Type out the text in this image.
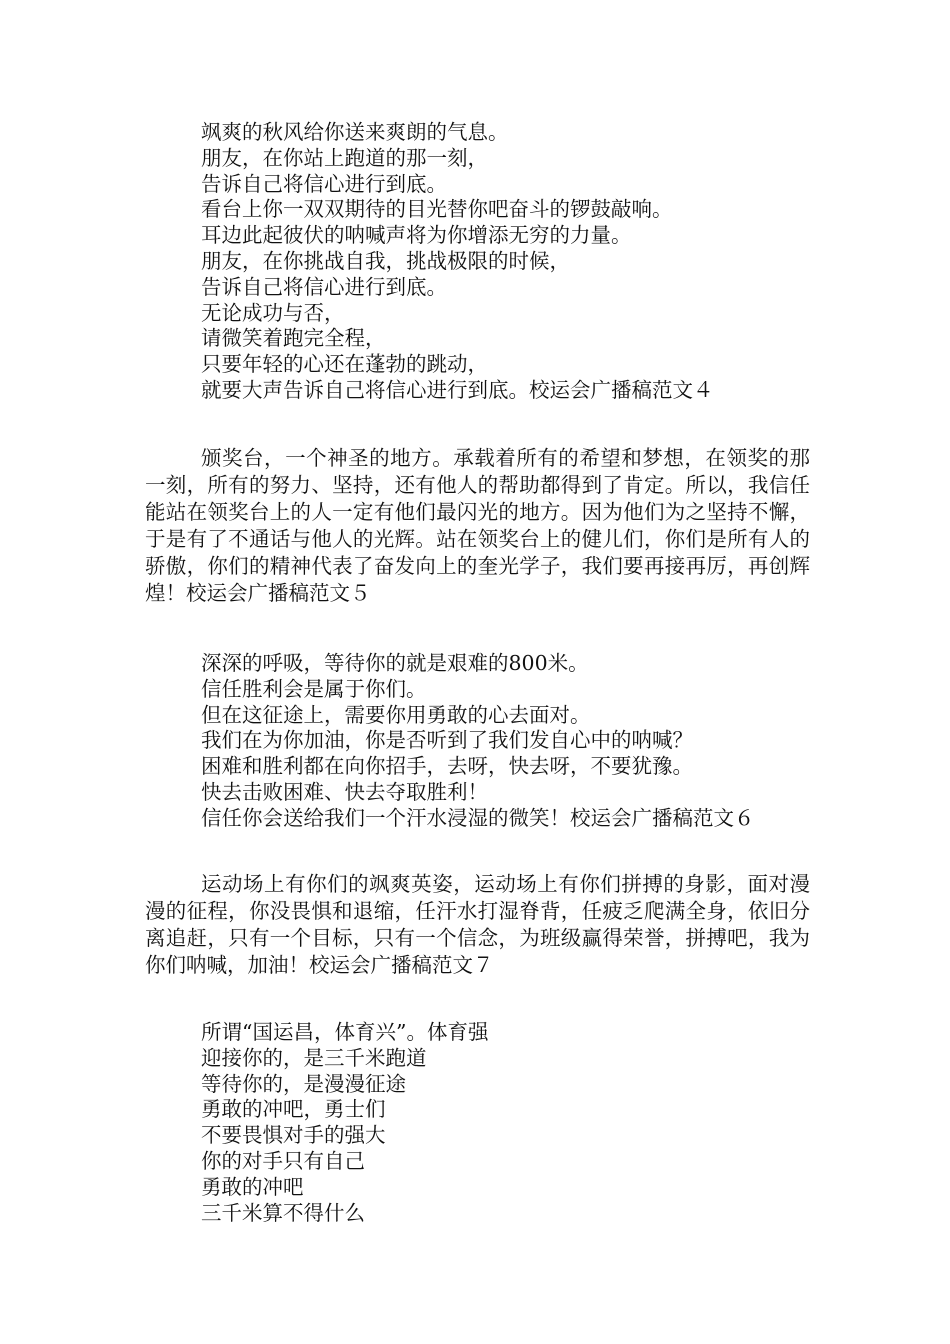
飒爽的秋风给你送来爽朗的气息。
朋友，在你站上跑道的那一刻，
告诉自己将信心进行到底。
看台上你一双双期待的目光替你吧奋斗的锣鼓敲响。
耳边此起彼伏的呐喊声将为你增添无穷的力量。
朋友，在你挑战自我，挑战极限的时候，
告诉自己将信心进行到底。
无论成功与否，
请微笑着跑完全程，
只要年轻的心还在蓬勃的跳动，
就要大声告诉自己将信心进行到底。校运会广播稿范文４

颁奖台，一个神圣的地方。承载着所有的希望和梦想，在领奖的那一刻，所有的努力、坚持，还有他人的帮助都得到了肯定。所以，我信任能站在领奖台上的人一定有他们最闪光的地方。因为他们为之坚持不懈，于是有了不通话与他人的光辉。站在领奖台上的健儿们，你们是所有人的骄傲，你们的精神代表了奋发向上的奎光学子，我们要再接再厉，再创辉煌！校运会广播稿范文５

深深的呼吸，等待你的就是艰难的800米。
信任胜利会是属于你们。
但在这征途上，需要你用勇敢的心去面对。
我们在为你加油，你是否听到了我们发自心中的呐喊？
困难和胜利都在向你招手，去呀，快去呀，不要犹豫。
快去击败困难、快去夺取胜利！
信任你会送给我们一个汗水浸湿的微笑！校运会广播稿范文６

运动场上有你们的飒爽英姿，运动场上有你们拼搏的身影，面对漫漫的征程，你没畏惧和退缩，任汗水打湿脊背，任疲乏爬满全身，依旧分离追赶，只有一个目标，只有一个信念，为班级赢得荣誉，拼搏吧，我为你们呐喊，加油！校运会广播稿范文７

所谓“国运昌，体育兴”。体育强
迎接你的，是三千米跑道
等待你的，是漫漫征途
勇敢的冲吧，勇士们
不要畏惧对手的强大
你的对手只有自己
勇敢的冲吧
三千米算不得什么
